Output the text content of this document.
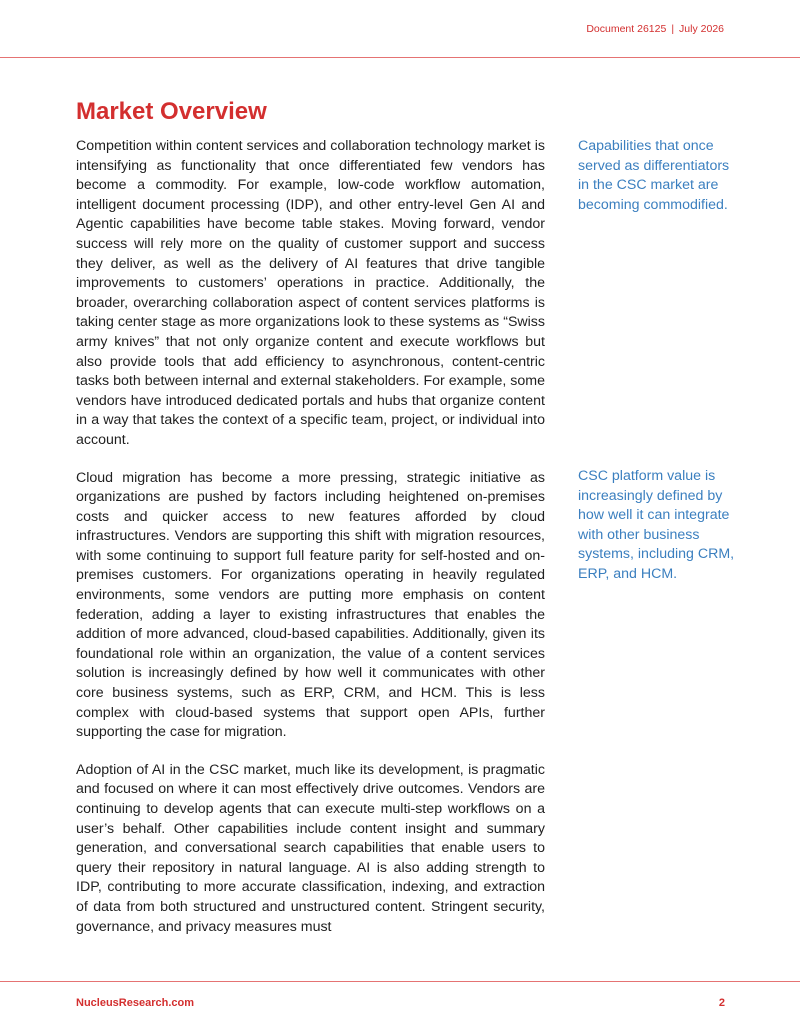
Document 26125 | July 2026
Market Overview

Competition within content services and collaboration technology market is intensifying as functionality that once differentiated few vendors has become a commodity. For example, low-code workflow automation, intelligent document processing (IDP), and other entry-level Gen AI and Agentic capabilities have become table stakes. Moving forward, vendor success will rely more on the quality of customer support and success they deliver, as well as the delivery of AI features that drive tangible improvements to customers’ operations in practice. Additionally, the broader, overarching collaboration aspect of content services platforms is taking center stage as more organizations look to these systems as “Swiss army knives” that not only organize content and execute workflows but also provide tools that add efficiency to asynchronous, content-centric tasks both between internal and external stakeholders. For example, some vendors have introduced dedicated portals and hubs that organize content in a way that takes the context of a specific team, project, or individual into account.

Cloud migration has become a more pressing, strategic initiative as organizations are pushed by factors including heightened on-premises costs and quicker access to new features afforded by cloud infrastructures. Vendors are supporting this shift with migration resources, with some continuing to support full feature parity for self-hosted and on-premises customers. For organizations operating in heavily regulated environments, some vendors are putting more emphasis on content federation, adding a layer to existing infrastructures that enables the addition of more advanced, cloud-based capabilities. Additionally, given its foundational role within an organization, the value of a content services solution is increasingly defined by how well it communicates with other core business systems, such as ERP, CRM, and HCM. This is less complex with cloud-based systems that support open APIs, further supporting the case for migration.

Adoption of AI in the CSC market, much like its development, is pragmatic and focused on where it can most effectively drive outcomes. Vendors are continuing to develop agents that can execute multi-step workflows on a user’s behalf. Other capabilities include content insight and summary generation, and conversational search capabilities that enable users to query their repository in natural language. AI is also adding strength to IDP, contributing to more accurate classification, indexing, and extraction of data from both structured and unstructured content. Stringent security, governance, and privacy measures must

Capabilities that once served as differentiators in the CSC market are becoming commodified.
CSC platform value is increasingly defined by how well it can integrate with other business systems, including CRM, ERP, and HCM.
NucleusResearch.com	2
